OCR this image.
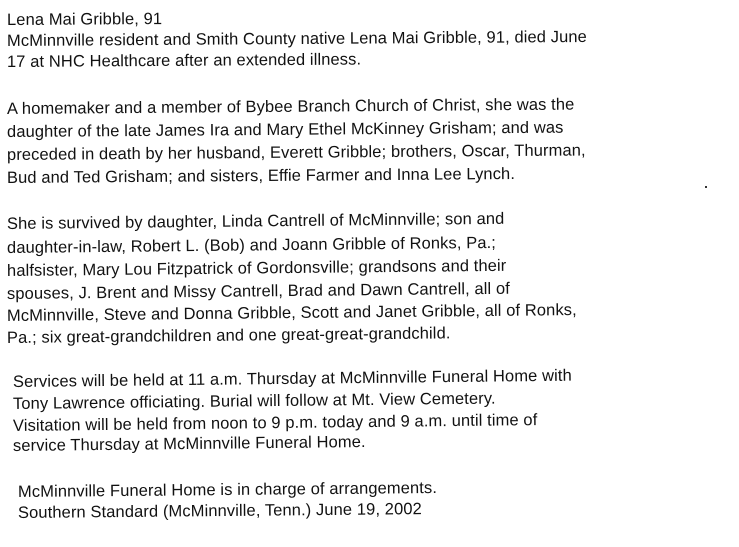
Lena Mai Gribble, 91
McMinnville resident and Smith County native Lena Mai Gribble, 91, died June
17 at NHC Healthcare after an extended illness.
A homemaker and a member of Bybee Branch Church of Christ, she was the
daughter of the late James Ira and Mary Ethel McKinney Grisham; and was
preceded in death by her husband, Everett Gribble; brothers, Oscar, Thurman,
Bud and Ted Grisham; and sisters, Effie Farmer and Inna Lee Lynch.
She is survived by daughter, Linda Cantrell of McMinnville; son and
daughter-in-law, Robert L. (Bob) and Joann Gribble of Ronks, Pa.;
halfsister, Mary Lou Fitzpatrick of Gordonsville; grandsons and their
spouses, J. Brent and Missy Cantrell, Brad and Dawn Cantrell, all of
McMinnville, Steve and Donna Gribble, Scott and Janet Gribble, all of Ronks,
Pa.; six great-grandchildren and one great-great-grandchild.
Services will be held at 11 a.m. Thursday at McMinnville Funeral Home with
Tony Lawrence officiating. Burial will follow at Mt. View Cemetery.
Visitation will be held from noon to 9 p.m. today and 9 a.m. until time of
service Thursday at McMinnville Funeral Home.
McMinnville Funeral Home is in charge of arrangements.
Southern Standard (McMinnville, Tenn.) June 19, 2002
